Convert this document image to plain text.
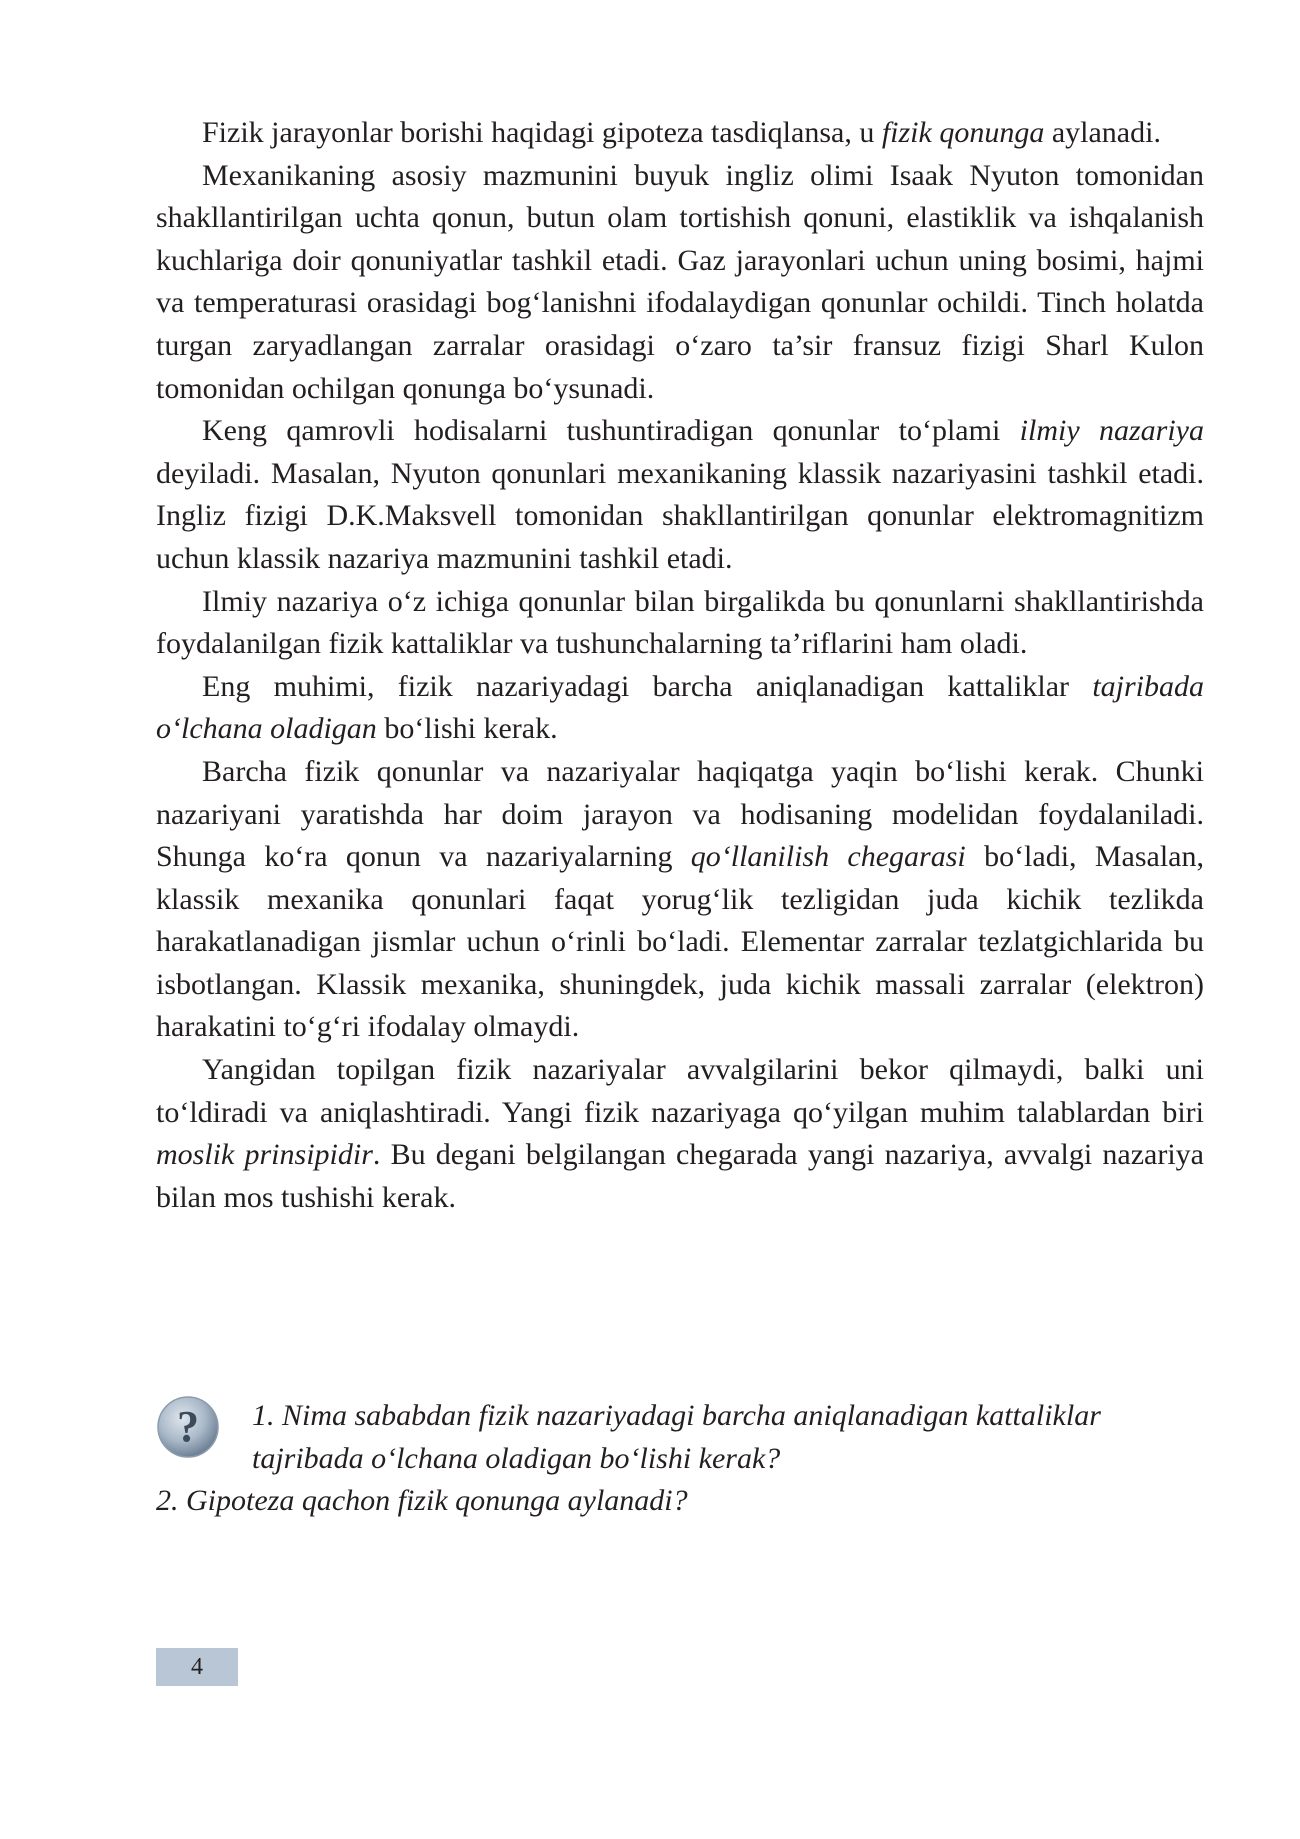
Fizik jarayonlar borishi haqidagi gipoteza tasdiqlansa, u fizik qonunga aylanadi.

Mexanikaning asosiy mazmunini buyuk ingliz olimi Isaak Nyuton tomonidan shakllantirilgan uchta qonun, butun olam tortishish qonuni, elastiklik va ishqalanish kuchlariga doir qonuniyatlar tashkil etadi. Gaz jarayonlari uchun uning bosimi, hajmi va temperaturasi orasidagi bog‘lanishni ifodalaydigan qonunlar ochildi. Tinch holatda turgan zaryadlangan zarralar orasidagi o‘zaro ta’sir fransuz fizigi Sharl Kulon tomonidan ochilgan qonunga bo‘ysunadi.

Keng qamrovli hodisalarni tushuntiradigan qonunlar to‘plami ilmiy nazariya deyiladi. Masalan, Nyuton qonunlari mexanikaning klassik nazariyasini tashkil etadi. Ingliz fizigi D.K.Maksvell tomonidan shakllantirilgan qonunlar elektromagnitizm uchun klassik nazariya mazmunini tashkil etadi.

Ilmiy nazariya o‘z ichiga qonunlar bilan birgalikda bu qonunlarni shakllantirishda foydalanilgan fizik kattaliklar va tushunchalarning ta’riflarini ham oladi.

Eng muhimi, fizik nazariyadagi barcha aniqlanadigan kattaliklar tajribada o‘lchana oladigan bo‘lishi kerak.

Barcha fizik qonunlar va nazariyalar haqiqatga yaqin bo‘lishi kerak. Chunki nazariyani yaratishda har doim jarayon va hodisaning modelidan foydalaniladi. Shunga ko‘ra qonun va nazariyalarning qo‘llanilish chegarasi bo‘ladi, Masalan, klassik mexanika qonunlari faqat yorug‘lik tezligidan juda kichik tezlikda harakatlanadigan jismlar uchun o‘rinli bo‘ladi. Elementar zarralar tezlatgichlarida bu isbotlangan. Klassik mexanika, shuningdek, juda kichik massali zarralar (elektron) harakatini to‘g‘ri ifodalay olmaydi.

Yangidan topilgan fizik nazariyalar avvalgilarini bekor qilmaydi, balki uni to‘ldiradi va aniqlashtiradi. Yangi fizik nazariyaga qo‘yilgan muhim talablardan biri moslik prinsipidir. Bu degani belgilangan chegarada yangi nazariya, avvalgi nazariya bilan mos tushishi kerak.

? 1. Nima sababdan fizik nazariyadagi barcha aniqlanadigan kattaliklar tajribada o‘lchana oladigan bo‘lishi kerak?

2. Gipoteza qachon fizik qonunga aylanadi?

4
